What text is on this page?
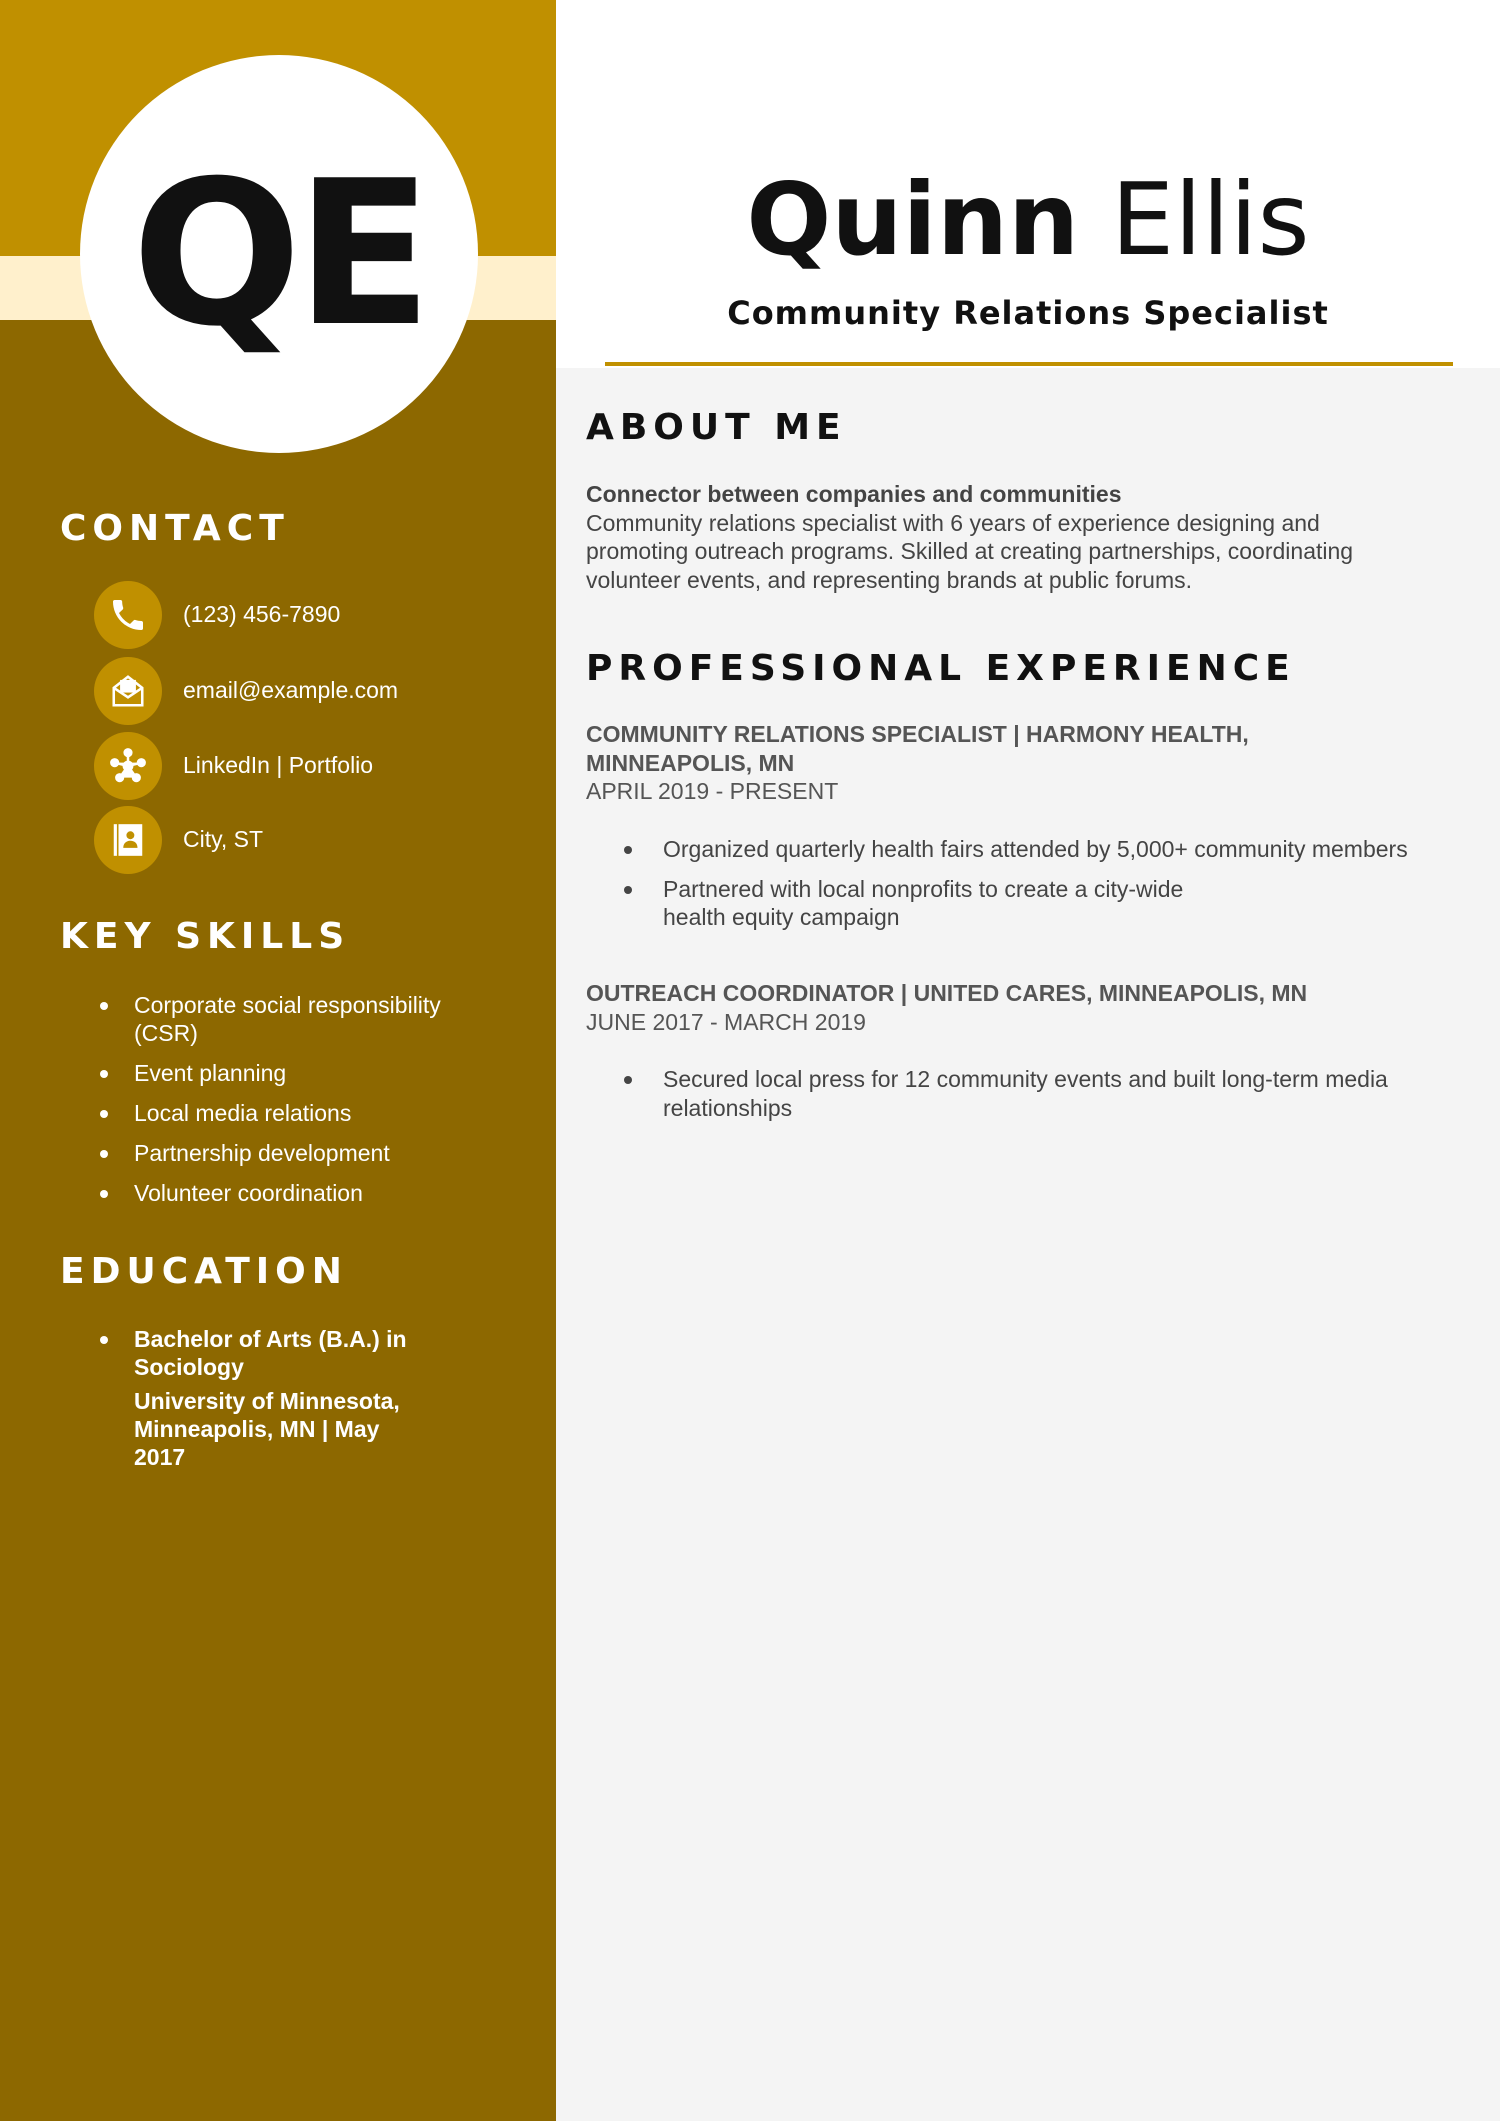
QE	Quinn Ellis
Community Relations Specialist
CONTACT
(123) 456-7890
email@example.com
LinkedIn | Portfolio
City, ST
KEY SKILLS
Corporate social responsibility (CSR)
Event planning
Local media relations
Partnership development
Volunteer coordination
EDUCATION
Bachelor of Arts (B.A.) in Sociology
University of Minnesota, Minneapolis, MN | May 2017
ABOUT ME
Connector between companies and communities
Community relations specialist with 6 years of experience designing and promoting outreach programs. Skilled at creating partnerships, coordinating volunteer events, and representing brands at public forums.
PROFESSIONAL EXPERIENCE
COMMUNITY RELATIONS SPECIALIST | HARMONY HEALTH, MINNEAPOLIS, MN
APRIL 2019 - PRESENT
Organized quarterly health fairs attended by 5,000+ community members
Partnered with local nonprofits to create a city-wide health equity campaign
OUTREACH COORDINATOR | UNITED CARES, MINNEAPOLIS, MN
JUNE 2017 - MARCH 2019
Secured local press for 12 community events and built long-term media relationships
